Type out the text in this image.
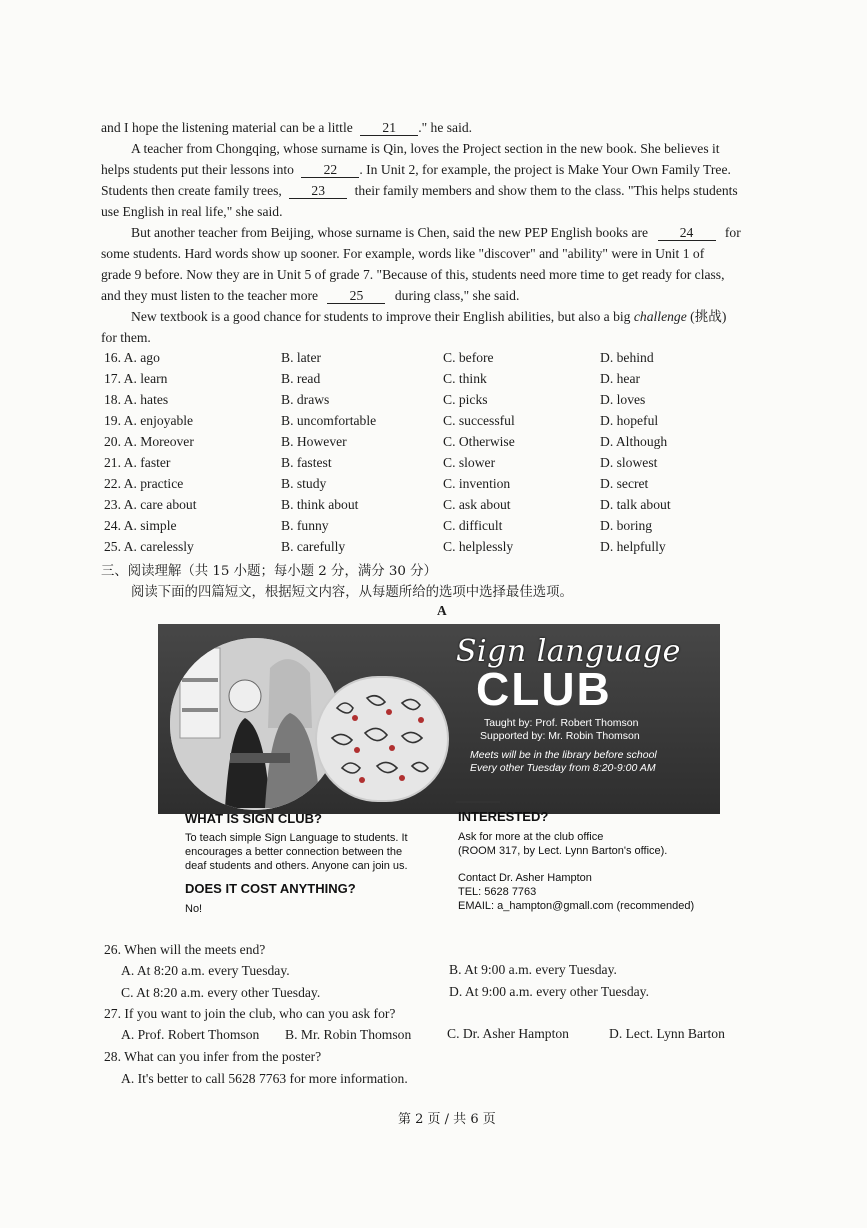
and I hope the listening material can be a little 21 ." he said.
A teacher from Chongqing, whose surname is Qin, loves the Project section in the new book. She believes it
helps students put their lessons into 22 . In Unit 2, for example, the project is Make Your Own Family Tree.
Students then create family trees, 23 their family members and show them to the class. "This helps students
use English in real life," she said.
But another teacher from Beijing, whose surname is Chen, said the new PEP English books are 24 for
some students. Hard words show up sooner. For example, words like "discover" and "ability" were in Unit 1 of
grade 9 before. Now they are in Unit 5 of grade 7. "Because of this, students need more time to get ready for class,
and they must listen to the teacher more 25 during class," she said.
New textbook is a good chance for students to improve their English abilities, but also a big challenge (挑战)
for them.
16. A. ago	B. later	C. before	D. behind
17. A. learn	B. read	C. think	D. hear
18. A. hates	B. draws	C. picks	D. loves
19. A. enjoyable	B. uncomfortable	C. successful	D. hopeful
20. A. Moreover	B. However	C. Otherwise	D. Although
21. A. faster	B. fastest	C. slower	D. slowest
22. A. practice	B. study	C. invention	D. secret
23. A. care about	B. think about	C. ask about	D. talk about
24. A. simple	B. funny	C. difficult	D. boring
25. A. carelessly	B. carefully	C. helplessly	D. helpfully
三、阅读理解（共 15 小题；每小题 2 分，满分 30 分）
阅读下面的四篇短文，根据短文内容，从每题所给的选项中选择最佳选项。
A
Sign language
CLUB
Taught by: Prof. Robert Thomson
Supported by: Mr. Robin Thomson
Meets will be in the library before school
Every other Tuesday from 8:20-9:00 AM
WHAT IS SIGN CLUB?
To teach simple Sign Language to students. It
encourages a better connection between the
deaf students and others. Anyone can join us.
DOES IT COST ANYTHING?
No!
INTERESTED?
Ask for more at the club office
(ROOM 317, by Lect. Lynn Barton's office).
Contact Dr. Asher Hampton
TEL: 5628 7763
EMAIL: a_hampton@gmall.com (recommended)
26. When will the meets end?
A. At 8:20 a.m. every Tuesday.	B. At 9:00 a.m. every Tuesday.
C. At 8:20 a.m. every other Tuesday.	D. At 9:00 a.m. every other Tuesday.
27. If you want to join the club, who can you ask for?
A. Prof. Robert Thomson B. Mr. Robin Thomson	C. Dr. Asher Hampton	D. Lect. Lynn Barton
28. What can you infer from the poster?
A. It's better to call 5628 7763 for more information.
第 2 页 / 共 6 页
